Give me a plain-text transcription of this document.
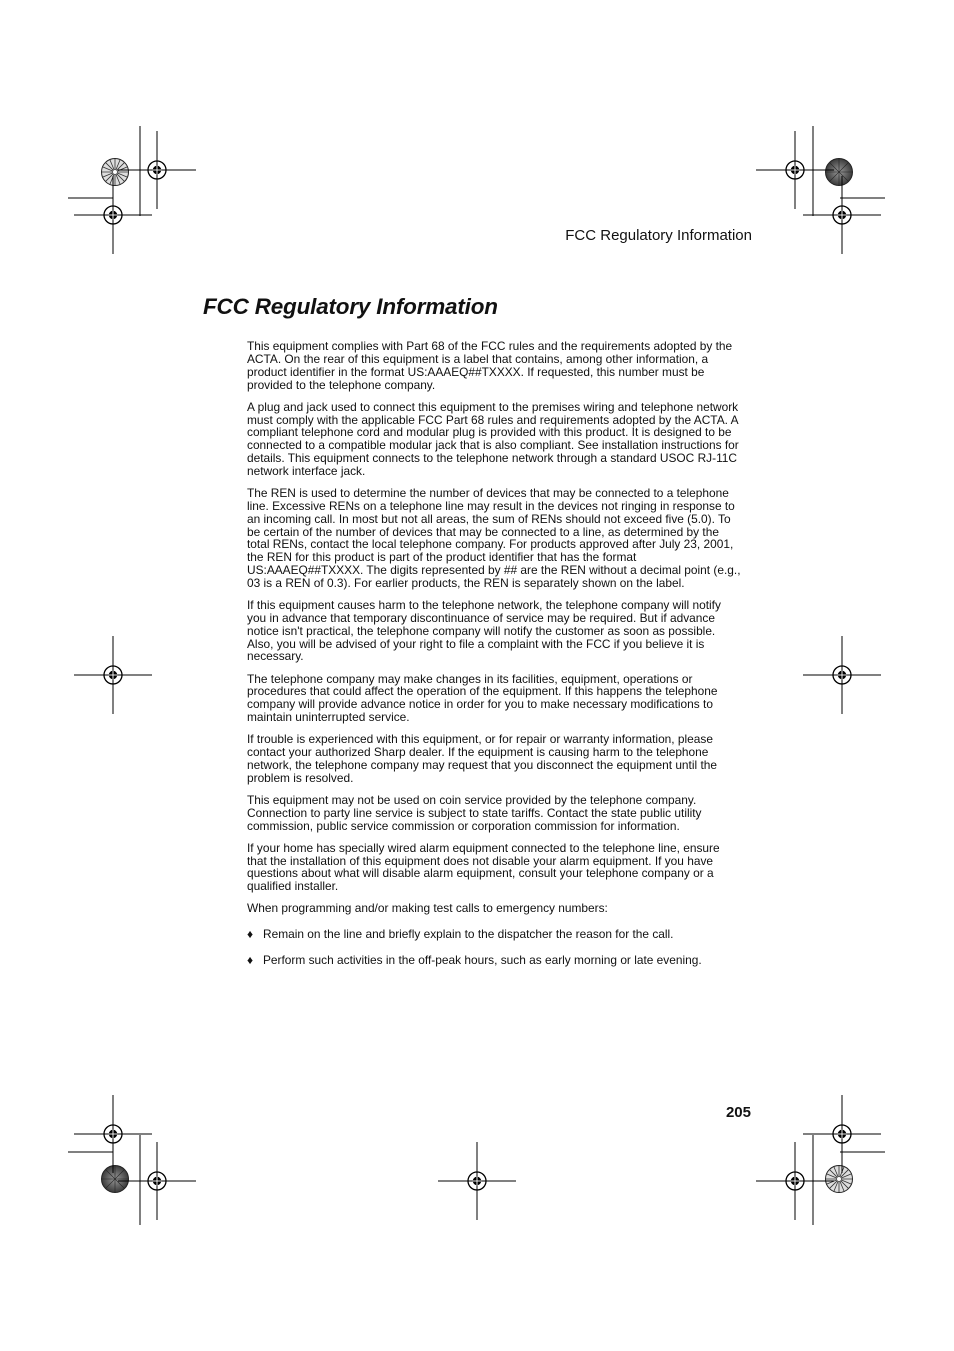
FCC Regulatory Information
FCC Regulatory Information

This equipment complies with Part 68 of the FCC rules and the requirements adopted by the ACTA. On the rear of this equipment is a label that contains, among other information, a product identifier in the format US:AAAEQ##TXXXX. If requested, this number must be provided to the telephone company.

A plug and jack used to connect this equipment to the premises wiring and telephone network must comply with the applicable FCC Part 68 rules and requirements adopted by the ACTA. A compliant telephone cord and modular plug is provided with this product. It is designed to be connected to a compatible modular jack that is also compliant. See installation instructions for details. This equipment connects to the telephone network through a standard USOC RJ-11C network interface jack.

The REN is used to determine the number of devices that may be connected to a telephone line. Excessive RENs on a telephone line may result in the devices not ringing in response to an incoming call. In most but not all areas, the sum of RENs should not exceed five (5.0). To be certain of the number of devices that may be connected to a line, as determined by the total RENs, contact the local telephone company. For products approved after July 23, 2001, the REN for this product is part of the product identifier that has the format US:AAAEQ##TXXXX. The digits represented by ## are the REN without a decimal point (e.g., 03 is a REN of 0.3). For earlier products, the REN is separately shown on the label.

If this equipment causes harm to the telephone network, the telephone company will notify you in advance that temporary discontinuance of service may be required. But if advance notice isn't practical, the telephone company will notify the customer as soon as possible. Also, you will be advised of your right to file a complaint with the FCC if you believe it is necessary.

The telephone company may make changes in its facilities, equipment, operations or procedures that could affect the operation of the equipment. If this happens the telephone company will provide advance notice in order for you to make necessary modifications to maintain uninterrupted service.

If trouble is experienced with this equipment, or for repair or warranty information, please contact your authorized Sharp dealer. If the equipment is causing harm to the telephone network, the telephone company may request that you disconnect the equipment until the problem is resolved.

This equipment may not be used on coin service provided by the telephone company. Connection to party line service is subject to state tariffs. Contact the state public utility commission, public service commission or corporation commission for information.

If your home has specially wired alarm equipment connected to the telephone line, ensure that the installation of this equipment does not disable your alarm equipment. If you have questions about what will disable alarm equipment, consult your telephone company or a qualified installer.

When programming and/or making test calls to emergency numbers:

♦ Remain on the line and briefly explain to the dispatcher the reason for the call.
♦ Perform such activities in the off-peak hours, such as early morning or late evening.
205
